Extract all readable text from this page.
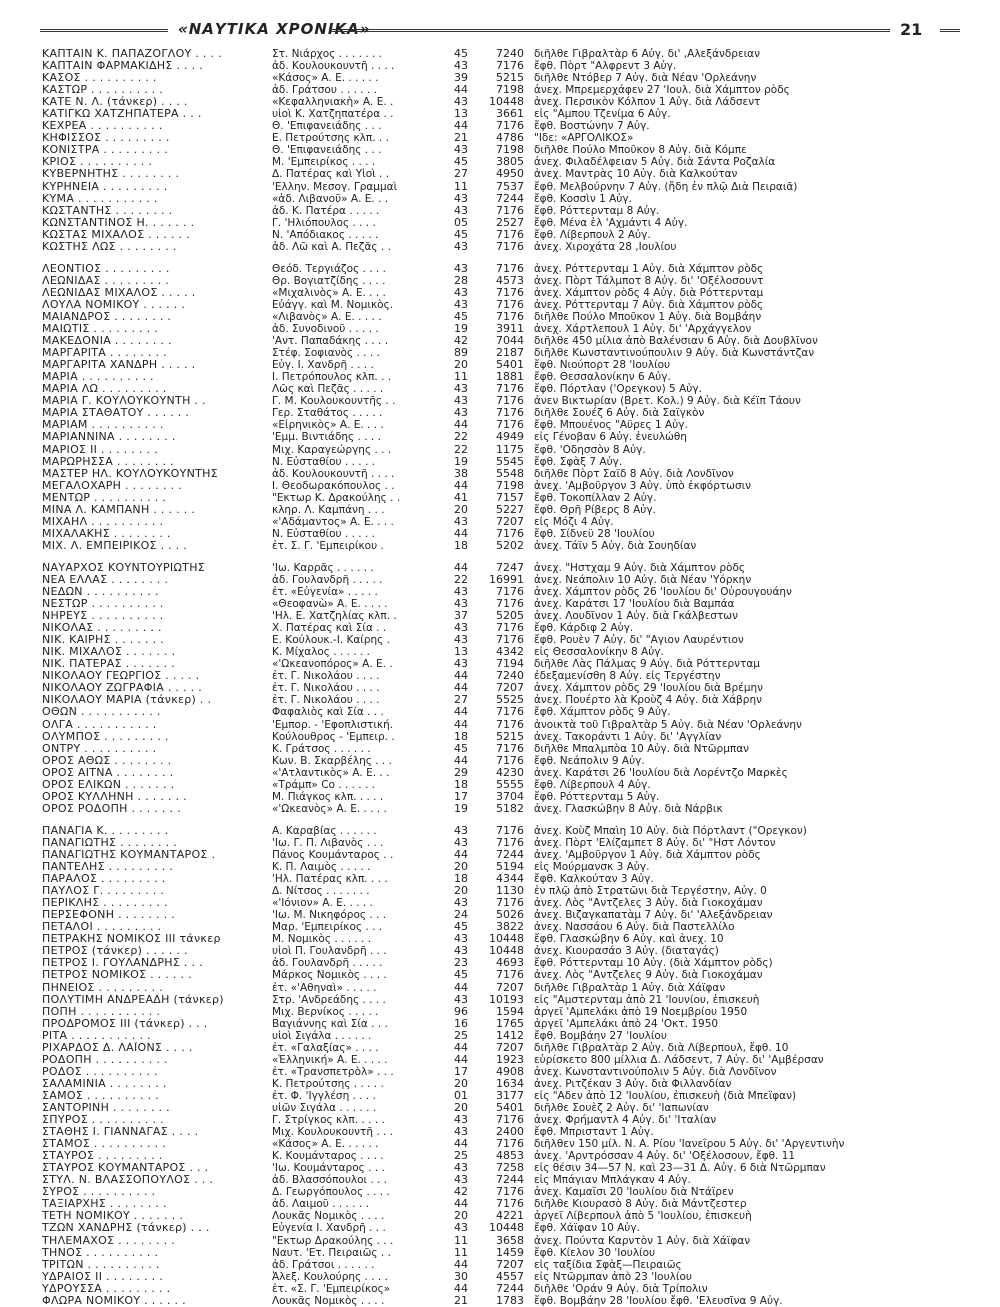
«ΝΑΥΤΙΚΑ ΧΡΟΝΙΚΑ»	21
ΚΑΠΤΑΙΝ Κ. ΠΑΠΑΖΟΓΛΟΥ . . . .	Στ. Νιάρχος . . . . . . .	45	7240 διῆλθε Γιβραλτὰρ 6 Αὐγ. δι' ,Αλεξάνδρειαν
ΚΑΠΤΑΙΝ ΦΑΡΜΑΚΙΔΗΣ . . . .	ἀδ. Κουλουκουντῆ . . . .	43	7176 ἔφθ. Πὸρτ "Αλφρεντ 3 Αὐγ.
ΚΑΣΟΣ . . . . . . . . . .	«Κάσος» Α. Ε. . . . . .	39	5215 διῆλθε Ντόβερ 7 Αὐγ. διὰ Νέαν 'Ορλεάνην
ΚΑΣΤΩΡ . . . . . . . . . .	ἀδ. Γράτσου . . . . . .	44	7198 ἀνεχ. Μπρεμερχάφεν 27 'Ιουλ. διὰ Χάμπτον ρὸδς
ΚΑΤΕ Ν. Λ. (τάνκερ) . . . .	«Κεφαλληνιακὴ» Α. Ε. .	43	10448 ἀνεχ. Περσικὸν Κόλπον 1 Αὐγ. διὰ Λάδσεντ
ΚΑΤΙΓΚΩ ΧΑΤΖΗΠΑΤΕΡΑ . . .	υἱοὶ Κ. Χατζηπατέρα . .	13	3661 εἰς "Αμπου Τζενίμα 6 Αὐγ.
ΚΕΧΡΕΑ . . . . . . . . . .	Θ. 'Επιφανειάδης . . .	44	7176 ἔφθ. Βοστώνην 7 Αὐγ.
ΚΗΦΙΣΣΟΣ . . . . . . . . .	Ε. Πετρούτσης κλπ. . .	21	4786 "Ιδε: «ΑΡΓΟΛΙΚΟΣ»
ΚΟΝΙΣΤΡΑ . . . . . . . . .	Θ. 'Επιφανειάδης . . .	43	7198 διῆλθε Πούλο Μποῦκον 8 Αὐγ. διὰ Κόμπε
ΚΡΙΟΣ . . . . . . . . . .	Μ. 'Εμπειρίκος . . . .	45	3805 ἀνεχ. Φιλαδέλφειαν 5 Αὐγ. διὰ Σάντα Ροζαλία
ΚΥΒΕΡΝΗΤΗΣ . . . . . . . .	Δ. Πατέρας καὶ Υἱοὶ . .	27	4950 ἀνεχ. Μαντρὰς 10 Αὐγ. διὰ Καλκούταν
ΚΥΡΗΝΕΙΑ . . . . . . . . .	'Ελλην. Μεσογ. Γραμμαὶ	11	7537 ἔφθ. Μελβούρνην 7 Αὐγ. (ἤδη ἐν πλῷ Διὰ Πειραιᾶ)
ΚΥΜΑ . . . . . . . . . . .	«ἀδ. Λιβανοῦ» Α. Ε. . .	43	7244 ἔφθ. Κοσσὶν 1 Αὐγ.
ΚΩΣΤΑΝΤΗΣ . . . . . . . .	ἀδ. Κ. Πατέρα . . . . .	43	7176 ἔφθ. Ρόττερνταμ 8 Αὐγ.
ΚΩΝΣΤΑΝΤΙΝΟΣ Η. . . . . . .	Γ. 'Ηλιόπουλος . . . .	05	2527 ἔφθ. Μένα ἐλ 'Αχμάντι 4 Αὐγ.
ΚΩΣΤΑΣ ΜΙΧΑΛΟΣ . . . . . .	Ν. 'Απόδιακος . . . . .	45	7176 ἔφθ. Λίβερπουλ 2 Αὐγ.
ΚΩΣΤΗΣ ΛΩΣ . . . . . . . .	ἀδ. Λῶ καὶ Α. Πεζᾶς . .	43	7176 ἀνεχ. Χιροχάτα 28 ,Ιουλίου
ΛΕΟΝΤΙΟΣ . . . . . . . . .	Θεόδ. Τεργιάζος . . . .	43	7176 ἀνεχ. Ρόττερνταμ 1 Αὐγ. διὰ Χάμπτον ρὸδς
ΛΕΩΝΙΔΑΣ . . . . . . . . .	Θρ. Βογιατζίδης . . . .	28	4573 ἀνεχ. Πὸρτ Τάλμποτ 8 Αὐγ. δι' 'Οξέλοσουντ
ΛΕΩΝΙΔΑΣ ΜΙΧΑΛΟΣ . . . . .	«Μιχαλινὸς» Α. Ε. . . .	43	7176 ἀνεχ. Χάμπτον ρὸδς 4 Αὐγ. διὰ Ρόττερνταμ
ΛΟΥΛΑ ΝΟΜΙΚΟΥ . . . . . .	Εὐάγγ. καὶ Μ. Νομικὸς.	43	7176 ἀνεχ. Ρόττερνταμ 7 Αὐγ. διὰ Χάμπτον ρὸδς
ΜΑΙΑΝΔΡΟΣ . . . . . . . .	«Λιβανὸς» Α. Ε. . . . .	45	7176 διῆλθε Πούλο Μποῦκον 1 Αὐγ. διὰ Βομβάην
ΜΑΙΩΤΙΣ . . . . . . . . .	ἀδ. Συνοδινοῦ . . . . .	19	3911 ἀνεχ. Χάρτλεπουλ 1 Αὐγ. δι' 'Αρχάγγελον
ΜΑΚΕΔΟΝΙΑ . . . . . . . .	'Αντ. Παπαδάκης . . . .	42	7044 διῆλθε 450 μίλια ἀπὸ Βαλένσιαν 6 Αὐγ. διὰ Δουβλῖνον
ΜΑΡΓΑΡΙΤΑ . . . . . . . .	Στέφ. Σοφιανὸς . . . .	89	2187 διῆλθε Κωνσταντινούπουλιν 9 Αὐγ. διὰ Κωνστάντζαν
ΜΑΡΓΑΡΙΤΑ ΧΑΝΔΡΗ . . . . .	Εὐγ. Ι. Χανδρῆ . . . .	20	5401 ἔφθ. Νιούπορτ 28 'Ιουλίου
ΜΑΡΙΑ . . . . . . . . . .	Ι. Πετρόπουλος κλπ. . .	11	1881 ἔφθ. Θεσσαλονίκην 6 Αὐγ.
ΜΑΡΙΑ ΛΩ . . . . . . . . .	Λῶς καὶ Πεζᾶς . . . . .	43	7176 ἔφθ. Πόρτλαν ('Ορεγκον) 5 Αὐγ.
ΜΑΡΙΑ Γ. ΚΟΥΛΟΥΚΟΥΝΤΗ . .	Γ. Μ. Κουλουκουντῆς . .	43	7176 ἀνεν Βικτωρίαν (Βρετ. Κολ.) 9 Αὐγ. διὰ Κέϊπ Τάουν
ΜΑΡΙΑ ΣΤΑΘΑΤΟΥ . . . . . .	Γερ. Σταθάτος . . . . .	43	7176 διῆλθε Σουέζ 6 Αὐγ. διὰ Σαϊγκὸν
ΜΑΡΙΑΜ . . . . . . . . . .	«Εἰρηνικὸς» Α. Ε. . . .	44	7176 ἔφθ. Μπουένος "Αϋρες 1 Αὐγ.
ΜΑΡΙΑΝΝΙΝΑ . . . . . . . .	'Εμμ. Βιντιάδης . . . .	22	4949 εἰς Γένοβαν 6 Αὐγ. ἐνευλώθη
ΜΑΡΙΟΣ ΙΙ . . . . . . . .	Μιχ. Καραγεώργης . . .	22	1175 ἔφθ. 'Οδησσὸν 8 Αὐγ.
ΜΑΡΩΡΗΣΣΑ . . . . . . . .	Ν. Εὐσταθίου . . . . .	19	5545 ἔφθ. Σφὰξ 7 Αὐγ.
ΜΑΣΤΕΡ ΗΛ. ΚΟΥΛΟΥΚΟΥΝΤΗΣ	ἀδ. Κουλουκουντῆ . . . .	38	5548 διῆλθε Πὸρτ Σαϊδ 8 Αὐγ. διὰ Λονδῖνον
ΜΕΓΑΛΟΧΑΡΗ . . . . . . . .	Ι. Θεοδωρακόπουλος . .	44	7198 ἀνεχ. 'Αμβοῦργον 3 Αὐγ. ὑπὸ ἐκφόρτωσιν
ΜΕΝΤΩΡ . . . . . . . . . .	"Εκτωρ Κ. Δρακούλης . .	41	7157 ἔφθ. Τοκοπίλλαν 2 Αὐγ.
ΜΙΝΑ Λ. ΚΑΜΠΑΝΗ . . . . . .	κληρ. Λ. Καμπάνη . . .	20	5227 ἔφθ. Θρῆ Ρίβερς 8 Αὐγ.
ΜΙΧΑΗΛ . . . . . . . . . .	«'Αδάμαντος» Α. Ε. . . .	43	7207 εἰς Μόζι 4 Αὐγ.
ΜΙΧΑΛΑΚΗΣ . . . . . . . .	Ν. Εὐσταθίου . . . . .	44	7176 ἔφθ. Σίδνεϋ 28 'Ιουλίου
ΜΙΧ. Λ. ΕΜΠΕΙΡΙΚΟΣ . . . .	ἐτ. Σ. Γ. 'Εμπειρίκου .	18	5202 ἀνεχ. Τάϊν 5 Αὐγ. διὰ Σουηδίαν
ΝΑΥΑΡΧΟΣ ΚΟΥΝΤΟΥΡΙΩΤΗΣ	'Ιω. Καρρᾶς . . . . . .	44	7247 ἀνεχ. "Ηστχαμ 9 Αὐγ. διὰ Χάμπτον ρὸδς
ΝΕΑ ΕΛΛΑΣ . . . . . . . .	ἀδ. Γουλανδρῆ . . . . .	22	16991 ἀνεχ. Νεάπολιν 10 Αὐγ. διὰ Νέαν 'Υόρκην
ΝΕΔΩΝ . . . . . . . . . .	ἐτ. «Εὐγενία» . . . . .	43	7176 ἀνεχ. Χάμπτον ρὸδς 26 'Ιουλίου δι' Οὐρουγουάην
ΝΕΣΤΩΡ . . . . . . . . . .	«Θεοφανὼ» Α. Ε. . . . .	43	7176 ἀνεχ. Καράτσι 17 'Ιουλίου διὰ Βαμπάα
ΝΗΡΕΥΣ . . . . . . . . . .	'Ηλ. Ε. Χατζηλίας κλπ. .	37	5205 ἀνεχ. Λουδῖνον 1 Αὐγ. διὰ Γκάλβεστων
ΝΙΚΟΛΑΣ . . . . . . . . .	Χ. Πατέρας καὶ Σία . .	43	7176 ἔφθ. Κάρδιφ 2 Αὐγ.
ΝΙΚ. ΚΑΙΡΗΣ . . . . . . .	Ε. Κούλουκ.-Ι. Καίρης .	43	7176 ἔφθ. Ρουὲν 7 Αὐγ. δι' "Αγιον Λαυρέντιον
ΝΙΚ. ΜΙΧΑΛΟΣ . . . . . . .	Κ. Μίχαλος . . . . . .	13	4342 εἰς Θεσσαλονίκην 8 Αὐγ.
ΝΙΚ. ΠΑΤΕΡΑΣ . . . . . . .	«'Ωκεανοπόρος» Α. Ε. .	43	7194 διῆλθε Λὰς Πάλμας 9 Αὐγ. διὰ Ρόττερνταμ
ΝΙΚΟΛΑΟΥ ΓΕΩΡΓΙΟΣ . . . . .	ἐτ. Γ. Νικολάου . . . .	44	7240 ἐδεξαμενίσθη 8 Αὐγ. εἰς Τεργέστην
ΝΙΚΟΛΑΟΥ ΖΩΓΡΑΦΙΑ . . . . .	ἐτ. Γ. Νικολάου . . . .	44	7207 ἀνεχ. Χάμπτον ρὸδς 29 'Ιουλίου διὰ Βρέμην
ΝΙΚΟΛΑΟΥ ΜΑΡΙΑ (τάνκερ) . .	ἐτ. Γ. Νικολάου . . . .	27	5525 ἀνεχ. Πουέρτο λὰ Κροὺζ 4 Αὐγ. διὰ Χάβρην
ΟΘΩΝ . . . . . . . . . . .	Φαφαλιὸς καὶ Σία . . .	44	7176 ἔφθ. Χάμπτον ρὸδς 9 Αὐγ.
ΟΛΓΑ . . . . . . . . . . .	'Εμπορ. - 'Εφοπλιστική.	44	7176 ἀνοικτὰ τοῦ Γιβραλτὰρ 5 Αὐγ. διὰ Νέαν 'Ορλεάνην
ΟΛΥΜΠΟΣ . . . . . . . . .	Κούλουθρος - 'Εμπειρ. .	18	5215 ἀνεχ. Τακοράντι 1 Αὐγ. δι' 'Αγγλίαν
ΟΝΤΡΥ . . . . . . . . . .	Κ. Γράτσος . . . . . .	45	7176 διῆλθε Μπαλμπὸα 10 Αὐγ. διὰ Ντῶρμπαν
ΟΡΟΣ ΑΘΩΣ . . . . . . . .	Κων. Β. Σκαρβέλης . . .	44	7176 ἔφθ. Νεάπολιν 9 Αὐγ.
ΟΡΟΣ ΑΙΤΝΑ . . . . . . . .	«'Ατλαντικὸς» Α. Ε. . .	29	4230 ἀνεχ. Καράτσι 26 'Ιουλίου διὰ Λορέντζο Μαρκὲς
ΟΡΟΣ ΕΛΙΚΩΝ . . . . . . .	«Τράμπ» Co . . . . . .	18	5555 ἔφθ. Λίβερπουλ 4 Αὐγ.
ΟΡΟΣ ΚΥΛΛΗΝΗ . . . . . . .	Μ. Πιάγκος κλπ. . . . .	17	3704 ἔφθ. Ρόττερνταμ 5 Αὐγ.
ΟΡΟΣ ΡΟΔΟΠΗ . . . . . . .	«'Ωκεανὸς» Α. Ε. . . . .	19	5182 ἀνεχ. Γλασκώβην 8 Αὐγ. διὰ Νάρβικ
ΠΑΝΑΓΙΑ Κ. . . . . . . . .	Α. Καραβίας . . . . . .	43	7176 ἀνεχ. Κοὺζ Μπαὶη 10 Αὐγ. διὰ Πόρτλαντ ("Ορεγκον)
ΠΑΝΑΓΙΩΤΗΣ . . . . . . . .	'Ιω. Γ. Π. Λιβανὸς . . .	43	7176 ἀνεχ. Πὸρτ 'Ελίζαμπετ 8 Αὐγ. δι' "Ηστ Λόντον
ΠΑΝΑΓΙΩΤΗΣ ΚΟΥΜΑΝΤΑΡΟΣ .	Πάνος Κουμάνταρος . .	44	7244 ἀνεχ. 'Αμβοῦργον 1 Αὐγ. διὰ Χάμπτον ρὸδς
ΠΑΝΤΕΛΗΣ . . . . . . . . .	Κ. Π. Λαιμὸς . . . . .	20	5194 εἰς Μούρμανσκ 3 Αὐγ.
ΠΑΡΑΛΟΣ . . . . . . . . .	'Ηλ. Πατέρας κλπ. . . .	18	4344 ἔφθ. Καλκούταν 3 Αὐγ.
ΠΑΥΛΟΣ Γ. . . . . . . . .	Δ. Νίτσος . . . . . . .	20	1130 ἐν πλῷ ἀπὸ Στρατῶνι διὰ Τεργέστην, Αὐγ. 0
ΠΕΡΙΚΛΗΣ . . . . . . . . .	«'Ιόνιον» Α. Ε. . . . .	43	7176 ἀνεχ. Λὸς "Αντζελες 3 Αὐγ. διὰ Γιοκοχάμαν
ΠΕΡΣΕΦΟΝΗ . . . . . . . .	'Ιω. Μ. Νικηφόρος . . .	24	5026 ἀνεχ. Βιζαγκαπατὰμ 7 Αὐγ. δι' 'Αλεξάνδρειαν
ΠΕΤΑΛΟΙ . . . . . . . . .	Μαρ. 'Εμπειρίκος . . .	45	3822 ἀνεχ. Νασσάου 6 Αὐγ. διὰ Παστελλίλο
ΠΕΤΡΑΚΗΣ ΝΟΜΙΚΟΣ ΙΙΙ τάνκερ	Μ. Νομικὸς . . . . . .	43	10448 ἔφθ. Γλασκώβην 6 Αὐγ. καὶ ἀνεχ. 10
ΠΕΤΡΟΣ (τάνκερ) . . . . . .	υἱοὶ Π. Γουλανδρῆ . . .	43	10448 ἀνεχ. Κιουρασάο 3 Αὐγ. (διαταγάς)
ΠΕΤΡΟΣ Ι. ΓΟΥΛΑΝΔΡΗΣ . . .	ἀδ. Γουλανδρῆ . . . . .	23	4693 ἔφθ. Ρόττερνταμ 10 Αὐγ. (διὰ Χάμπτον ρὸδς)
ΠΕΤΡΟΣ ΝΟΜΙΚΟΣ . . . . . .	Μάρκος Νομικὸς . . . .	45	7176 ἀνεχ. Λὸς "Αντζελες 9 Αὐγ. διὰ Γιοκοχάμαν
ΠΗΝΕΙΟΣ . . . . . . . . .	ἐτ. «'Αθηναὶ» . . . . .	44	7207 διῆλθε Γιβραλτὰρ 1 Αὐγ. διὰ Χάϊφαν
ΠΟΛΥΤΙΜΗ ΑΝΔΡΕΑΔΗ (τάνκερ)	Στρ. 'Ανδρεάδης . . . .	43	10193 εἰς "Αμστερνταμ ἀπὸ 21 'Ιουνίου, ἐπισκευὴ
ΠΟΠΗ . . . . . . . . . . .	Μιχ. Βερνίκος . . . . .	96	1594 ἀργεῖ 'Αμπελάκι ἀπὸ 19 Νοεμβρίου 1950
ΠΡΟΔΡΟΜΟΣ ΙΙΙ (τάνκερ) . . .	Βαγιάννης καὶ Σία . . .	16	1765 ἀργεῖ 'Αμπελάκι ἀπὸ 24 'Οκτ. 1950
ΡΙΤΑ . . . . . . . . . . .	υἱοὶ Σιγάλα . . . . . .	25	1412 ἔφθ. Βομβάην 27 'Ιουλίου
ΡΙΧΑΡΔΟΣ Δ. ΛΑΪΟΝΣ . . . .	ἐτ. «Γαλαξίας» . . . .	44	7207 διῆλθε Γιβραλτὰρ 2 Αὐγ. διὰ Λίβερπουλ, ἔφθ. 10
ΡΟΔΟΠΗ . . . . . . . . . .	«Ἑλληνική» Α. Ε. . . . .	44	1923 εὑρίσκετο 800 μίλλια Δ. Λάδσεντ, 7 Αὐγ. δι' 'Αμβέρσαν
ΡΟΔΟΣ . . . . . . . . . .	ἐτ. «Τρανσπετρὸλ» . . .	17	4908 ἀνεχ. Κωνσταντινούπολιν 5 Αὐγ. διὰ Λονδῖνον
ΣΑΛΑΜΙΝΙΑ . . . . . . . .	Κ. Πετρούτσης . . . . .	20	1634 ἀνεχ. Ριτζέκαν 3 Αὐγ. διὰ Φιλλανδίαν
ΣΑΜΟΣ . . . . . . . . . .	ἐτ. Φ. 'Ιγγλέση . . . .	01	3177 εἰς "Αδεν ἀπὸ 12 'Ιουλίου, ἐπισκευὴ (διὰ Μπεΐφαν)
ΣΑΝΤΟΡΙΝΗ . . . . . . . .	υἱῶν Σιγάλα . . . . . .	20	5401 διῆλθε Σουὲζ 2 Αὐγ. δι' 'Ιαπωνίαν
ΣΠΥΡΟΣ . . . . . . . . . .	Γ. Στρίγκος κλπ. . . . .	43	7176 ἀνεχ. Φρήμαντλ 4 Αὐγ. δι' 'Ιταλίαν
ΣΤΑΘΗΣ Ι. ΓΙΑΝΝΑΓΑΣ . . . .	Μιχ. Κουλουκουντῆ . . .	43	2400 ἔφθ. Μπρισταντ 1 Αὐγ.
ΣΤΑΜΟΣ . . . . . . . . . .	«Κάσος» Α. Ε. . . . . .	44	7176 διῆλθεν 150 μίλ. Ν. Α. Ρίου 'Ιανεΐρου 5 Αὐγ. δι' 'Αργεντινὴν
ΣΤΑΥΡΟΣ . . . . . . . . .	Κ. Κουμάνταρος . . . .	25	4853 ἀνεχ. 'Αρντρόσσαν 4 Αὐγ. δι' 'Οξέλοσουν, ἔφθ. 11
ΣΤΑΥΡΟΣ ΚΟΥΜΑΝΤΑΡΟΣ . . .	'Ιω. Κουμάνταρος . . .	43	7258 εἰς θέσιν 34—57 Ν. καὶ 23—31 Δ. Αὐγ. 6 διὰ Ντῶρμπαν
ΣΤΥΛ. Ν. ΒΛΑΣΣΟΠΟΥΛΟΣ . . .	ἀδ. Βλασσόπουλοι . . .	43	7244 εἰς Μπάγιαν Μπλάγκαν 4 Αὐγ.
ΣΥΡΟΣ . . . . . . . . . .	Δ. Γεωργόπουλος . . . .	42	7176 ἀνεχ. Καμαΐσι 20 'Ιουλίου διὰ Ντάϊρεν
ΤΑΞΙΑΡΧΗΣ . . . . . . . .	ἀδ. Λαιμοῦ . . . . . .	44	7176 διῆλθε Κιουρασὸ 8 Αὐγ. διὰ Μάντζεστερ
ΤΕΤΗ ΝΟΜΙΚΟΥ . . . . . . .	Λουκᾶς Νομικὸς . . . .	20	4221 ἀργεῖ Λίβερπουλ ἀπὸ 5 'Ιουλίου, ἐπισκευὴ
ΤΖΩΝ ΧΑΝΔΡΗΣ (τάνκερ) . . .	Εὐγενία Ι. Χανδρῆ . . .	43	10448 ἔφθ. Χάϊφαν 10 Αὐγ.
ΤΗΛΕΜΑΧΟΣ . . . . . . . .	"Εκτωρ Δρακούλης . . .	11	3658 ἀνεχ. Πούντα Καρντὸν 1 Αὐγ. διὰ Χάϊφαν
ΤΗΝΟΣ . . . . . . . . . .	Ναυτ. 'Ετ. Πειραιῶς . .	11	1459 ἔφθ. Κίελον 30 'Ιουλίου
ΤΡΙΤΩΝ . . . . . . . . . .	ἀδ. Γράτσοι . . . . . .	44	7207 εἰς ταξίδια Σφὰξ—Πειραιῶς
ΥΔΡΑΙΟΣ ΙΙ . . . . . . . .	Ἀλεξ. Κουλούρης . . . .	30	4557 εἰς Ντῶρμπαν ἀπὸ 23 'Ιουλίου
ΥΔΡΟΥΣΣΑ . . . . . . . . .	ἐτ. «Σ. Γ. 'Εμπειρίκος»	44	7244 διῆλθε 'Οράν 9 Αὐγ. διὰ Τρίπολιν
ΦΛΩΡΑ ΝΟΜΙΚΟΥ . . . . . .	Λουκᾶς Νομικὸς . . . .	21	1783 ἔφθ. Βομβάην 28 'Ιουλίου ἔφθ. 'Ελευσῖνα 9 Αὐγ.
